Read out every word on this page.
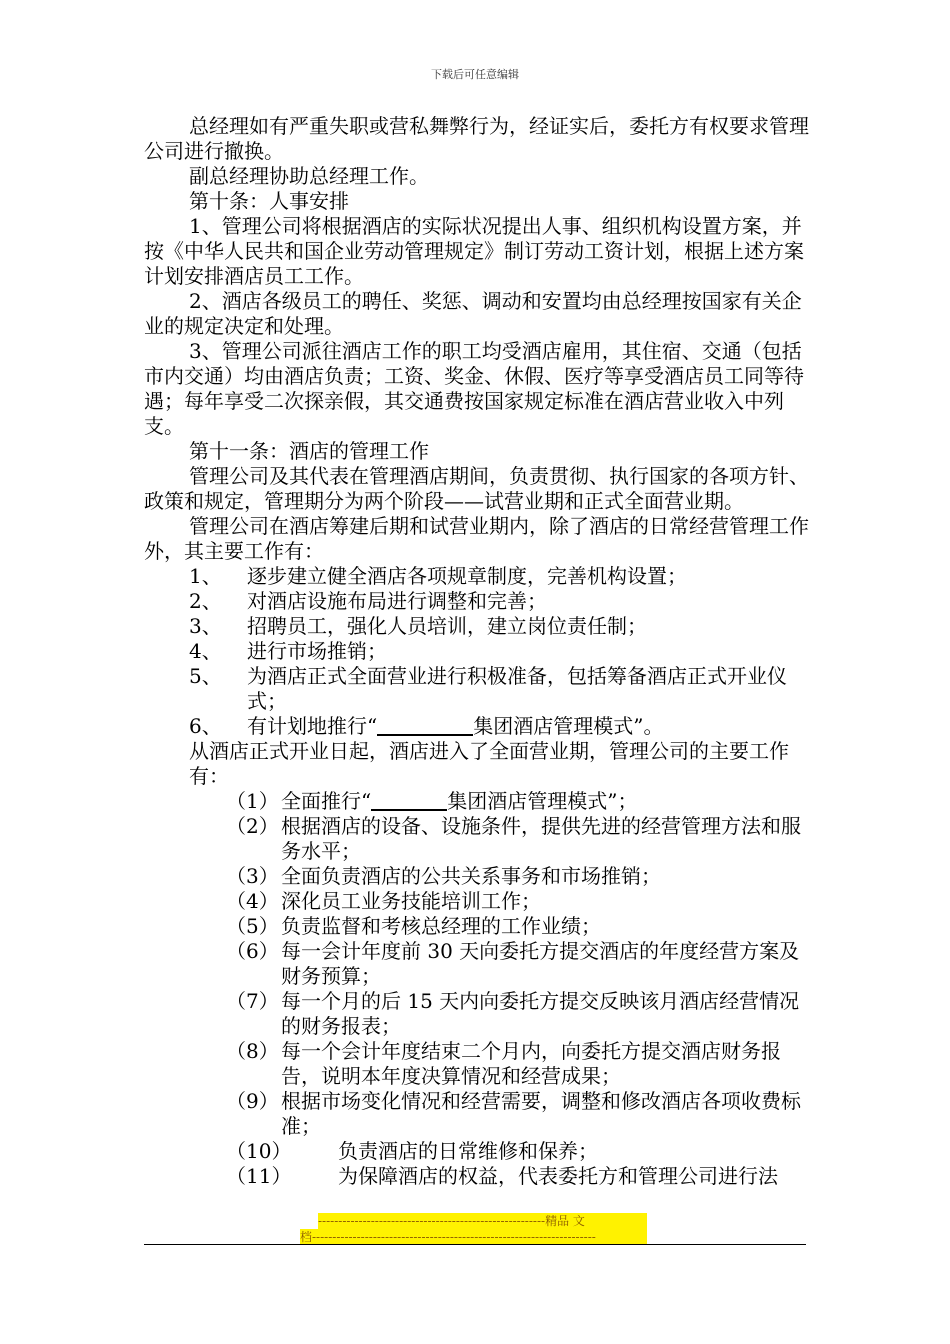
下载后可任意编辑

总经理如有严重失职或营私舞弊行为，经证实后，委托方有权要求管理公司进行撤换。

副总经理协助总经理工作。

第十条：人事安排

1、管理公司将根据酒店的实际状况提出人事、组织机构设置方案，并按《中华人民共和国企业劳动管理规定》制订劳动工资计划，根据上述方案计划安排酒店员工工作。

2、酒店各级员工的聘任、奖惩、调动和安置均由总经理按国家有关企业的规定决定和处理。

3、管理公司派往酒店工作的职工均受酒店雇用，其住宿、交通（包括市内交通）均由酒店负责；工资、奖金、休假、医疗等享受酒店员工同等待遇；每年享受二次探亲假，其交通费按国家规定标准在酒店营业收入中列支。

第十一条：酒店的管理工作

管理公司及其代表在管理酒店期间，负责贯彻、执行国家的各项方针、政策和规定，管理期分为两个阶段——试营业期和正式全面营业期。

管理公司在酒店筹建后期和试营业期内，除了酒店的日常经营管理工作外，其主要工作有：

1、 逐步建立健全酒店各项规章制度，完善机构设置；

2、 对酒店设施布局进行调整和完善；

3、 招聘员工，强化人员培训，建立岗位责任制；

4、 进行市场推销；

5、 为酒店正式全面营业进行积极准备，包括筹备酒店正式开业仪式；

6、 有计划地推行“	集团酒店管理模式”。

从酒店正式开业日起，酒店进入了全面营业期，管理公司的主要工作有：

（1） 全面推行“	集团酒店管理模式”；

（2） 根据酒店的设备、设施条件，提供先进的经营管理方法和服务水平；

（3） 全面负责酒店的公共关系事务和市场推销；

（4） 深化员工业务技能培训工作；

（5） 负责监督和考核总经理的工作业绩；

（6） 每一会计年度前 30 天向委托方提交酒店的年度经营方案及财务预算；

（7） 每一个月的后 15 天内向委托方提交反映该月酒店经营情况的财务报表；

（8） 每一个会计年度结束二个月内，向委托方提交酒店财务报告，说明本年度决算情况和经营成果；

（9） 根据市场变化情况和经营需要，调整和修改酒店各项收费标准；

（10） 负责酒店的日常维修和保养；

（11） 为保障酒店的权益，代表委托方和管理公司进行法

--------------------------------------------------------精品 文
档----------------------------------------------------------------------
